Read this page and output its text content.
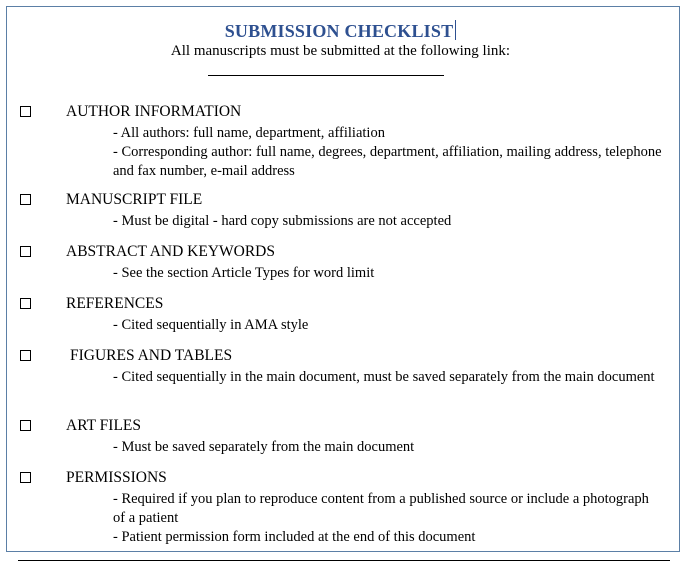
SUBMISSION CHECKLIST
All manuscripts must be submitted at the following link:
AUTHOR INFORMATION
- All authors: full name, department, affiliation
- Corresponding author: full name, degrees, department, affiliation, mailing address, telephone and fax number, e-mail address
MANUSCRIPT FILE
- Must be digital - hard copy submissions are not accepted
ABSTRACT AND KEYWORDS
- See the section Article Types for word limit
REFERENCES
- Cited sequentially in AMA style
FIGURES AND TABLES
- Cited sequentially in the main document, must be saved separately from the main document
ART FILES
- Must be saved separately from the main document
PERMISSIONS
- Required if you plan to reproduce content from a published source or include a photograph of a patient
- Patient permission form included at the end of this document
